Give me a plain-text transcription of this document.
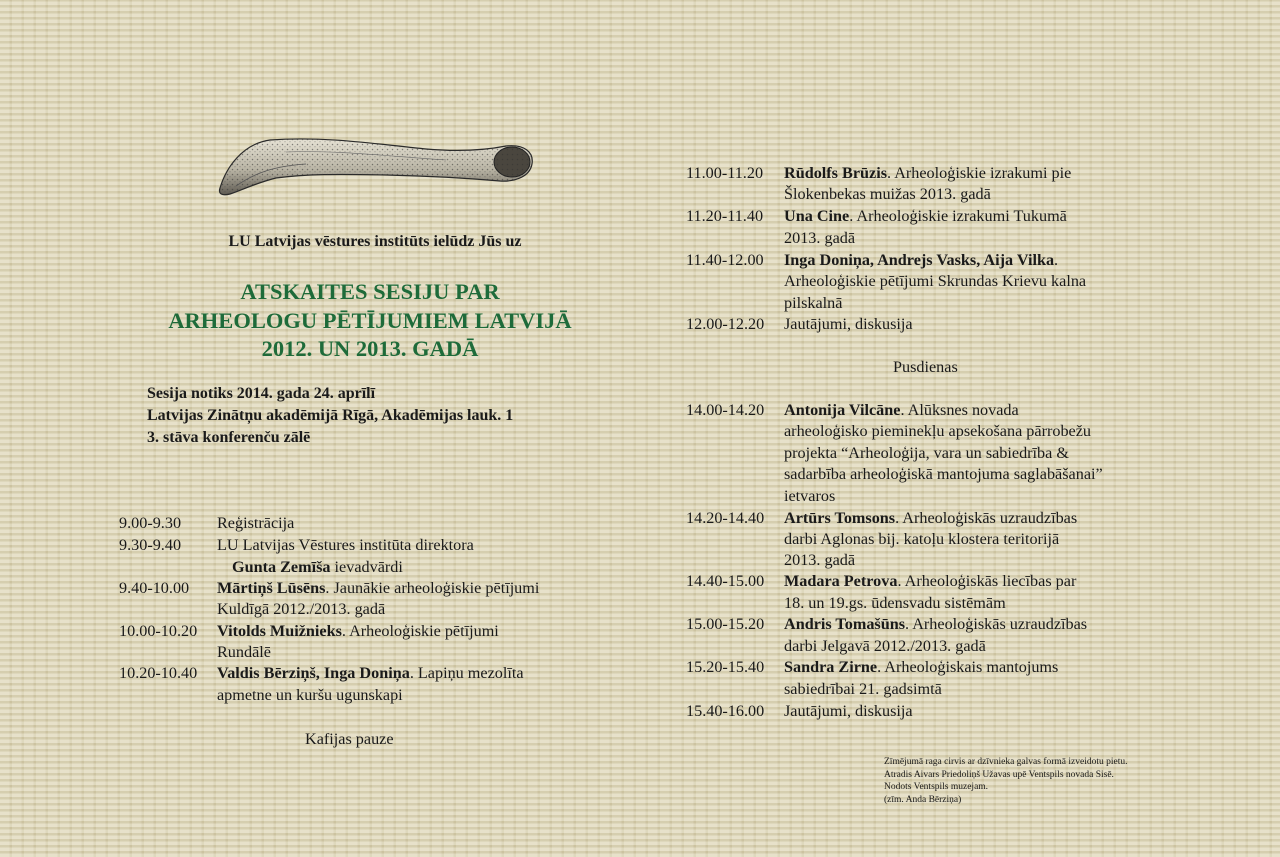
LU Latvijas vēstures institūts ielūdz Jūs uz
ATSKAITES SESIJU PAR
ARHEOLOGU PĒTĪJUMIEM LATVIJĀ
2012. UN 2013. GADĀ
Sesija notiks 2014. gada 24. aprīlī
Latvijas Zinātņu akadēmijā Rīgā, Akadēmijas lauk. 1
3. stāva konferenču zālē
9.00-9.30 Reģistrācija
9.30-9.40 LU Latvijas Vēstures institūta direktora
Gunta Zemīša ievadvārdi
9.40-10.00 Mārtiņš Lūsēns. Jaunākie arheoloģiskie pētījumi
Kuldīgā 2012./2013. gadā
10.00-10.20 Vitolds Muižnieks. Arheoloģiskie pētījumi
Rundālē
10.20-10.40 Valdis Bērziņš, Inga Doniņa. Lapiņu mezolīta
apmetne un kuršu ugunskapi
Kafijas pauze
11.00-11.20 Rūdolfs Brūzis. Arheoloģiskie izrakumi pie
Šlokenbekas muižas 2013. gadā
11.20-11.40 Una Cine. Arheoloģiskie izrakumi Tukumā
2013. gadā
11.40-12.00 Inga Doniņa, Andrejs Vasks, Aija Vilka.
Arheoloģiskie pētījumi Skrundas Krievu kalna
pilskalnā
12.00-12.20 Jautājumi, diskusija
Pusdienas
14.00-14.20 Antonija Vilcāne. Alūksnes novada
arheoloģisko pieminekļu apsekošana pārrobežu
projekta “Arheoloģija, vara un sabiedrība &
sadarbība arheoloģiskā mantojuma saglabāšanai”
ietvaros
14.20-14.40 Artūrs Tomsons. Arheoloģiskās uzraudzības
darbi Aglonas bij. katoļu klostera teritorijā
2013. gadā
14.40-15.00 Madara Petrova. Arheoloģiskās liecības par
18. un 19.gs. ūdensvadu sistēmām
15.00-15.20 Andris Tomašūns. Arheoloģiskās uzraudzības
darbi Jelgavā 2012./2013. gadā
15.20-15.40 Sandra Zirne. Arheoloģiskais mantojums
sabiedrībai 21. gadsimtā
15.40-16.00 Jautājumi, diskusija
Zīmējumā raga cirvis ar dzīvnieka galvas formā izveidotu pietu.
Atradis Aivars Priedoliņš Užavas upē Ventspils novada Sisē.
Nodots Ventspils muzejam.
(zīm. Anda Bērziņa)
